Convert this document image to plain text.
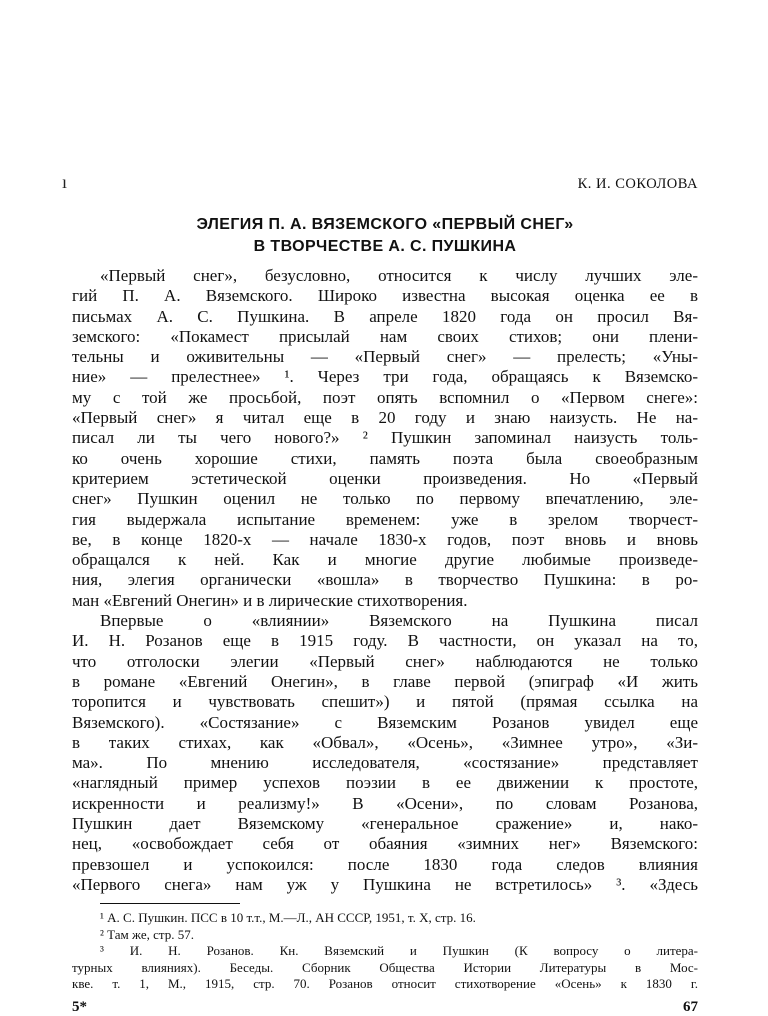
ı	К. И. СОКОЛОВА
ЭЛЕГИЯ П. А. ВЯЗЕМСКОГО «ПЕРВЫЙ СНЕГ»
В ТВОРЧЕСТВЕ А. С. ПУШКИНА
«Первый снег», безусловно, относится к числу лучших эле-
гий П. А. Вяземского. Широко известна высокая оценка ее в
письмах А. С. Пушкина. В апреле 1820 года он просил Вя-
земского: «Покамест присылай нам своих стихов; они плени-
тельны и оживительны — «Первый снег» — прелесть; «Уны-
ние» — прелестнее» ¹. Через три года, обращаясь к Вяземско-
му с той же просьбой, поэт опять вспомнил о «Первом снеге»:
«Первый снег» я читал еще в 20 году и знаю наизусть. Не на-
писал ли ты чего нового?» ² Пушкин запоминал наизусть толь-
ко очень хорошие стихи, память поэта была своеобразным
критерием эстетической оценки произведения. Но «Первый
снег» Пушкин оценил не только по первому впечатлению, эле-
гия выдержала испытание временем: уже в зрелом творчест-
ве, в конце 1820-х — начале 1830-х годов, поэт вновь и вновь
обращался к ней. Как и многие другие любимые произведе-
ния, элегия органически «вошла» в творчество Пушкина: в ро-
ман «Евгений Онегин» и в лирические стихотворения.
Впервые о «влиянии» Вяземского на Пушкина писал
И. Н. Розанов еще в 1915 году. В частности, он указал на то,
что отголоски элегии «Первый снег» наблюдаются не только
в романе «Евгений Онегин», в главе первой (эпиграф «И жить
торопится и чувствовать спешит») и пятой (прямая ссылка на
Вяземского). «Состязание» с Вяземским Розанов увидел еще
в таких стихах, как «Обвал», «Осень», «Зимнее утро», «Зи-
ма». По мнению исследователя, «состязание» представляет
«наглядный пример успехов поэзии в ее движении к простоте,
искренности и реализму!» В «Осени», по словам Розанова,
Пушкин дает Вяземскому «генеральное сражение» и, нако-
нец, «освобождает себя от обаяния «зимних нег» Вяземского:
превзошел и успокоился: после 1830 года следов влияния
«Первого снега» нам уж у Пушкина не встретилось» ³. «Здесь
¹ А. С. Пушкин. ПСС в 10 т.т., М.—Л., АН СССР, 1951, т. X, стр. 16.
² Там же, стр. 57.
³ И. Н. Розанов. Кн. Вяземский и Пушкин (К вопросу о литера-
турных влияниях). Беседы. Сборник Общества Истории Литературы в Мос-
кве. т. 1, М., 1915, стр. 70. Розанов относит стихотворение «Осень» к 1830 г.
5*	67
